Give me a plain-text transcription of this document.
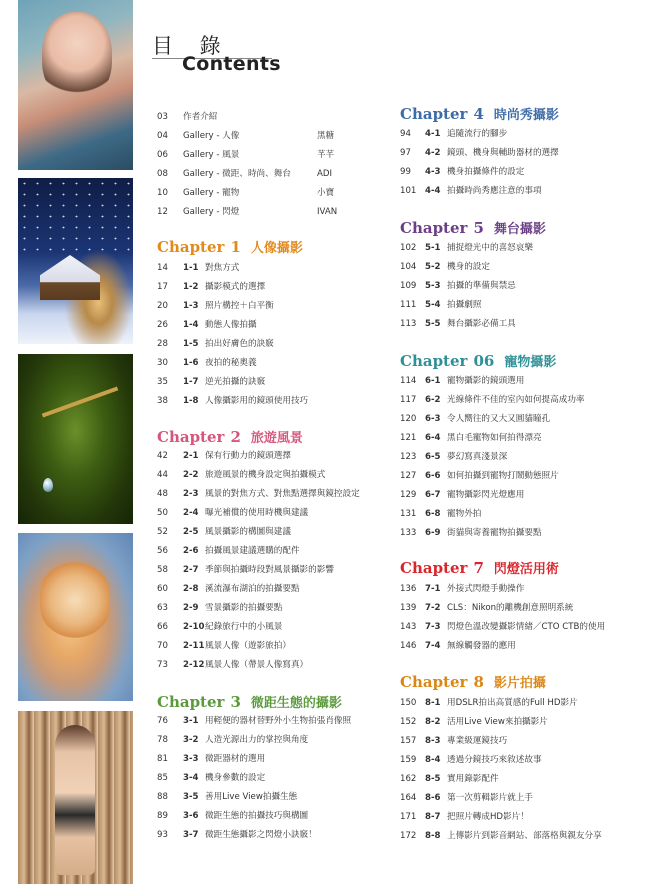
目 錄
Contents
03 作者介紹
04 Gallery - 人像	黑糖
06 Gallery - 風景	芊芊
08 Gallery - 微距、時尚、舞台	ADI
10 Gallery - 寵物	小寶
12 Gallery - 閃燈	IVAN
Chapter 1 人像攝影
14 1-1 對焦方式
17 1-2 攝影模式的選擇
20 1-3 照片構控＋白平衡
26 1-4 動態人像拍攝
28 1-5 拍出好膚色的訣竅
30 1-6 夜拍的秘奧義
35 1-7 逆光拍攝的訣竅
38 1-8 人像攝影用的鏡頭使用技巧
Chapter 2 旅遊風景
42 2-1 保有行動力的鏡頭選擇
44 2-2 旅遊風景的機身設定與拍攝模式
48 2-3 風景的對焦方式、對焦點選擇與鏡控設定
50 2-4 曝光補償的使用時機與建議
52 2-5 風景攝影的構圖與建議
56 2-6 拍攝風景建議選購的配件
58 2-7 季節與拍攝時段對風景攝影的影響
60 2-8 溪流瀑布湖泊的拍攝要點
63 2-9 雪景攝影的拍攝要點
66 2-10紀錄旅行中的小風景
70 2-11風景人像（遊影旅拍）
73 2-12風景人像（帶景人像寫真）
Chapter 3 微距生態的攝影
76 3-1 用輕便的器材替野外小生物拍張肖像照
78 3-2 人造光源出力的掌控與角度
81 3-3 微距器材的選用
85 3-4 機身參數的設定
88 3-5 善用Live View拍攝生態
89 3-6 微距生態的拍攝技巧與構圖
93 3-7 微距生態攝影之閃燈小訣竅！
Chapter 4 時尚秀攝影
94 4-1 追隨流行的腳步
97 4-2 鏡頭、機身與輔助器材的選擇
99 4-3 機身拍攝條件的設定
101 4-4 拍攝時尚秀應注意的事項
Chapter 5 舞台攝影
102 5-1 捕捉燈光中的喜怒哀樂
104 5-2 機身的設定
109 5-3 拍攝的準備與禁忌
111 5-4 拍攝劇照
113 5-5 舞台攝影必備工具
Chapter 06 寵物攝影
114 6-1 寵物攝影的鏡頭選用
117 6-2 光線條件不佳的室內如何提高成功率
120 6-3 令人嚮往的又大又圓貓瞳孔
121 6-4 黑白毛寵物如何拍得漂亮
123 6-5 夢幻寫真淺景深
127 6-6 如何拍攝到寵物打鬧動態照片
129 6-7 寵物攝影閃光燈應用
131 6-8 寵物外拍
133 6-9 街貓與寄養寵物拍攝要點
Chapter 7 閃燈活用術
136 7-1 外接式閃燈手動操作
139 7-2 CLS：Nikon的離機創意照明系統
143 7-3 閃燈色溫改變攝影情緒／CTO CTB的使用
146 7-4 無線觸發器的應用
Chapter 8 影片拍攝
150 8-1 用DSLR拍出高質感的Full HD影片
152 8-2 活用Live View來拍攝影片
157 8-3 專業級運鏡技巧
159 8-4 透過分鏡技巧來敘述故事
162 8-5 實用錄影配件
164 8-6 第一次剪輯影片就上手
171 8-7 把照片轉成HD影片！
172 8-8 上傳影片到影音網站、部落格與親友分享
